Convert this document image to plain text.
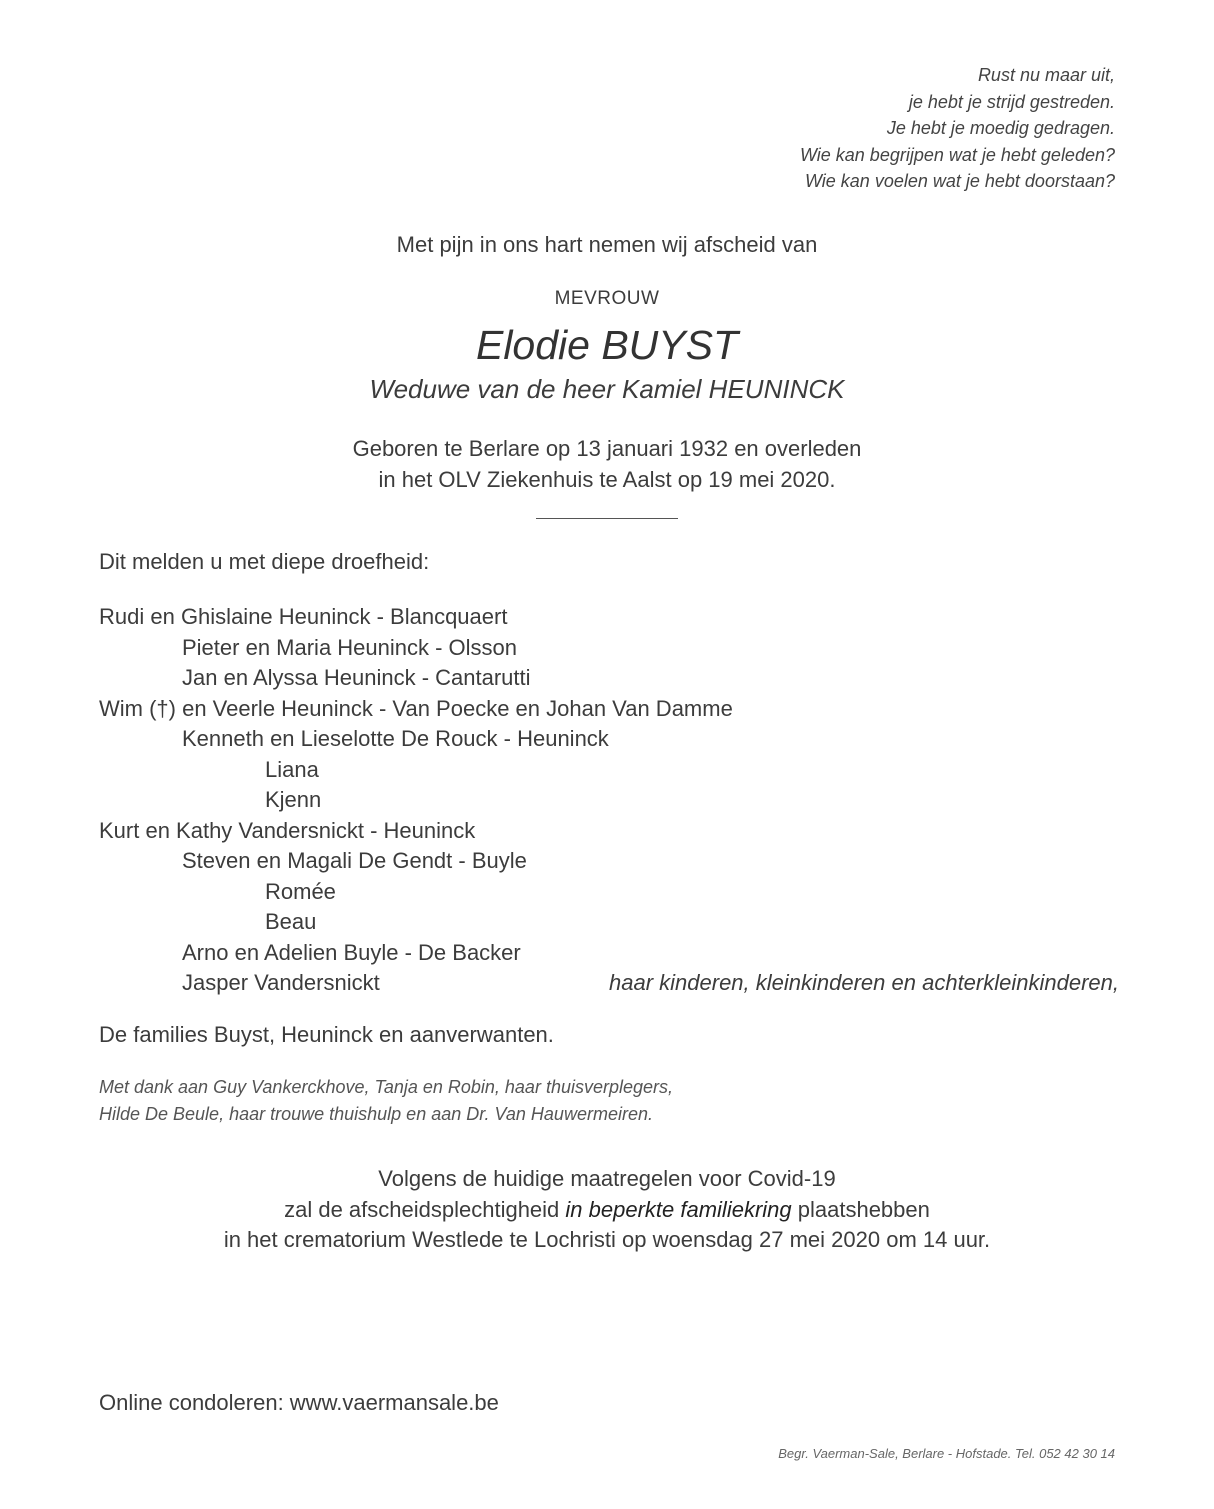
Rust nu maar uit,
je hebt je strijd gestreden.
Je hebt je moedig gedragen.
Wie kan begrijpen wat je hebt geleden?
Wie kan voelen wat je hebt doorstaan?
Met pijn in ons hart nemen wij afscheid van
MEVROUW
Elodie BUYST
Weduwe van de heer Kamiel HEUNINCK
Geboren te Berlare op 13 januari 1932 en overleden
in het OLV Ziekenhuis te Aalst op 19 mei 2020.
Dit melden u met diepe droefheid:
Rudi en Ghislaine Heuninck - Blancquaert
Pieter en Maria Heuninck - Olsson
Jan en Alyssa Heuninck - Cantarutti
Wim (†) en Veerle Heuninck - Van Poecke en Johan Van Damme
Kenneth en Lieselotte De Rouck - Heuninck
Liana
Kjenn
Kurt en Kathy Vandersnickt - Heuninck
Steven en Magali De Gendt - Buyle
Romée
Beau
Arno en Adelien Buyle - De Backer
Jasper Vandersnickt	haar kinderen, kleinkinderen en achterkleinkinderen,
De families Buyst, Heuninck en aanverwanten.
Met dank aan Guy Vankerckhove, Tanja en Robin, haar thuisverplegers,
Hilde De Beule, haar trouwe thuishulp en aan Dr. Van Hauwermeiren.
Volgens de huidige maatregelen voor Covid-19
zal de afscheidsplechtigheid in beperkte familiekring plaatshebben
in het crematorium Westlede te Lochristi op woensdag 27 mei 2020 om 14 uur.
Online condoleren: www.vaermansale.be
Begr. Vaerman-Sale, Berlare - Hofstade. Tel. 052 42 30 14
